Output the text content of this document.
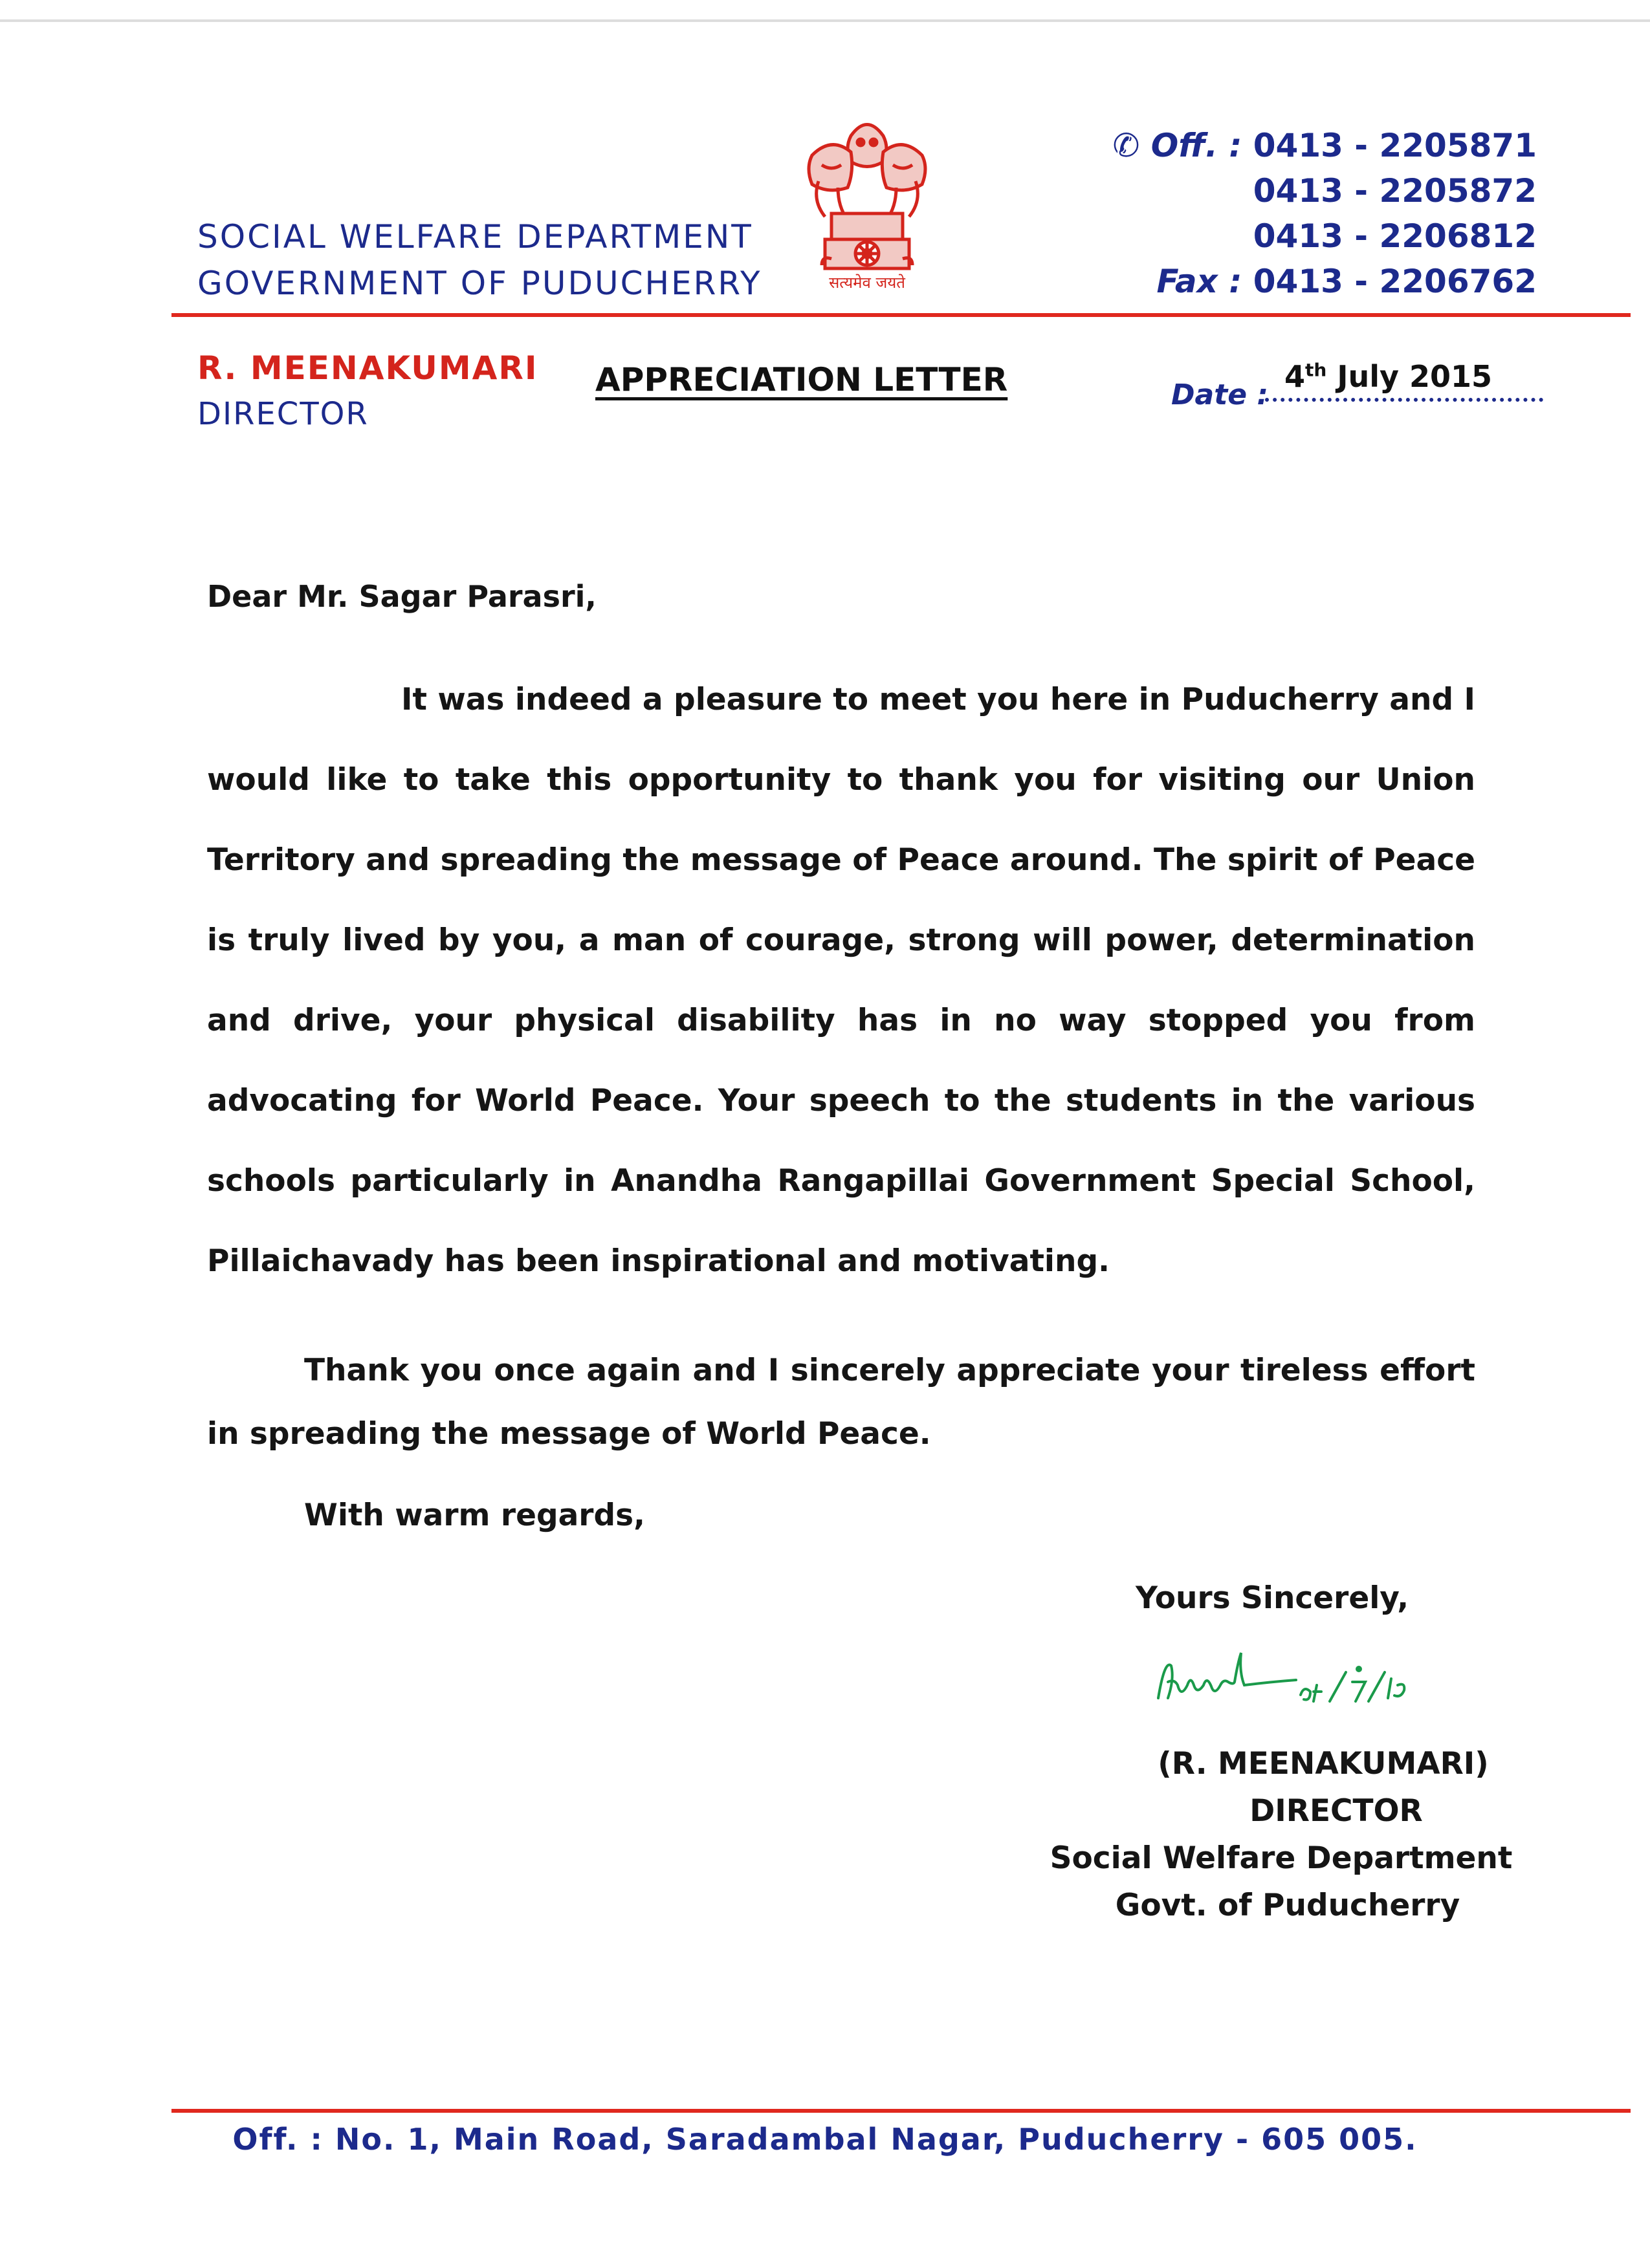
SOCIAL WELFARE DEPARTMENT
GOVERNMENT OF PUDUCHERRY	सत्यमेव जयते
✆ Off. : 0413 - 2205871
0413 - 2205872
0413 - 2206812
Fax : 0413 - 2206762
R. MEENAKUMARI
DIRECTOR
APPRECIATION LETTER	Date :
4th July 2015
Dear Mr. Sagar Parasri,
It was indeed a pleasure to meet you here in Puducherry and I would like to take this opportunity to thank you for visiting our Union Territory and spreading the message of Peace around. The spirit of Peace is truly lived by you, a man of courage, strong will power, determination and drive, your physical disability has in no way stopped you from advocating for World Peace. Your speech to the students in the various schools particularly in Anandha Rangapillai Government Special School, Pillaichavady has been inspirational and motivating.
Thank you once again and I sincerely appreciate your tireless effort in spreading the message of World Peace.
With warm regards,
Yours Sincerely,
(R. MEENAKUMARI)
DIRECTOR
Social Welfare Department
Govt. of Puducherry
Off. : No. 1, Main Road, Saradambal Nagar, Puducherry - 605 005.
